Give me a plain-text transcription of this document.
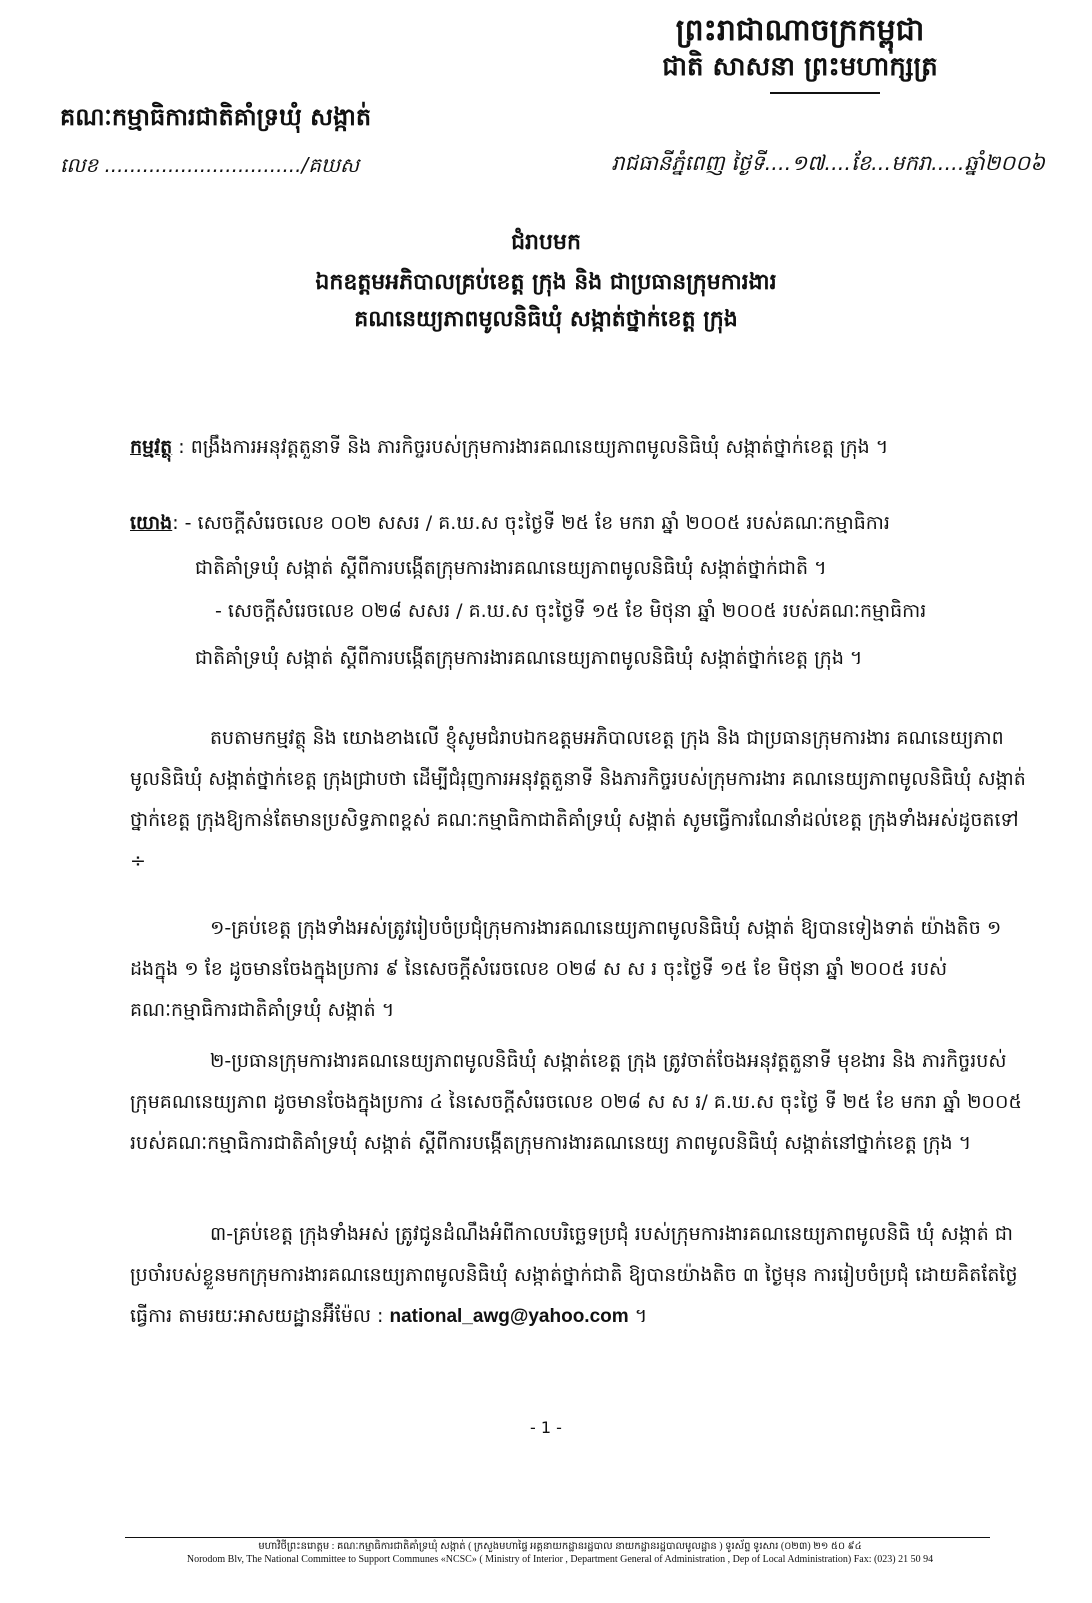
ព្រះរាជាណាចក្រកម្ពុជា
ជាតិ សាសនា ព្រះមហាក្សត្រ
គណៈកម្មាធិការជាតិគាំទ្រឃុំ សង្កាត់
លេខ .............................../គឃស	រាជធានីភ្នំពេញ ថ្ងៃទី....១៧....ខែ...មករា.....ឆ្នាំ២០០៦
ជំរាបមក
ឯកឧត្តមអភិបាលគ្រប់ខេត្ត ក្រុង និង ជាប្រធានក្រុមការងារ
គណនេយ្យភាពមូលនិធិឃុំ សង្កាត់ថ្នាក់ខេត្ត ក្រុង
កម្មវត្ថុ : ពង្រឹងការអនុវត្តតួនាទី និង ភារកិច្ចរបស់ក្រុមការងារគណនេយ្យភាពមូលនិធិឃុំ សង្កាត់ថ្នាក់ខេត្ត ក្រុង ។
យោង: - សេចក្តីសំរេចលេខ ០០២ សសរ / គ.ឃ.ស ចុះថ្ងៃទី ២៥ ខែ មករា ឆ្នាំ ២០០៥ របស់គណៈកម្មាធិការ
ជាតិគាំទ្រឃុំ សង្កាត់ ស្តីពីការបង្កើតក្រុមការងារគណនេយ្យភាពមូលនិធិឃុំ សង្កាត់ថ្នាក់ជាតិ ។
- សេចក្តីសំរេចលេខ ០២៨ សសរ / គ.ឃ.ស ចុះថ្ងៃទី ១៥ ខែ មិថុនា ឆ្នាំ ២០០៥ របស់គណៈកម្មាធិការ
ជាតិគាំទ្រឃុំ សង្កាត់ ស្តីពីការបង្កើតក្រុមការងារគណនេយ្យភាពមូលនិធិឃុំ សង្កាត់ថ្នាក់ខេត្ត ក្រុង ។
តបតាមកម្មវត្ថុ និង យោងខាងលើ ខ្ញុំសូមជំរាបឯកឧត្តមអភិបាលខេត្ត ក្រុង និង ជាប្រធានក្រុមការងារ គណនេយ្យភាពមូលនិធិឃុំ សង្កាត់ថ្នាក់ខេត្ត ក្រុងជ្រាបថា ដើម្បីជំរុញការអនុវត្តតួនាទី និងភារកិច្ចរបស់ក្រុមការងារ គណនេយ្យភាពមូលនិធិឃុំ សង្កាត់ថ្នាក់ខេត្ត ក្រុងឱ្យកាន់តែមានប្រសិទ្ធភាពខ្ពស់ គណៈកម្មាធិកាជាតិគាំទ្រឃុំ សង្កាត់ សូមធ្វើការណែនាំដល់ខេត្ត ក្រុងទាំងអស់ដូចតទៅ ÷
១-គ្រប់ខេត្ត ក្រុងទាំងអស់ត្រូវរៀបចំប្រជុំក្រុមការងារគណនេយ្យភាពមូលនិធិឃុំ សង្កាត់ ឱ្យបានទៀងទាត់ យ៉ាងតិច ១ ដងក្នុង ១ ខែ ដូចមានចែងក្នុងប្រការ ៩ នៃសេចក្តីសំរេចលេខ ០២៨ ស ស រ ចុះថ្ងៃទី ១៥ ខែ មិថុនា ឆ្នាំ ២០០៥ របស់គណៈកម្មាធិការជាតិគាំទ្រឃុំ សង្កាត់ ។
២-ប្រធានក្រុមការងារគណនេយ្យភាពមូលនិធិឃុំ សង្កាត់ខេត្ត ក្រុង ត្រូវចាត់ចែងអនុវត្តតួនាទី មុខងារ និង ភារកិច្ចរបស់ក្រុមគណនេយ្យភាព ដូចមានចែងក្នុងប្រការ ៤ នៃសេចក្តីសំរេចលេខ ០២៨ ស ស រ/ គ.ឃ.ស ចុះថ្ងៃ ទី ២៥ ខែ មករា ឆ្នាំ ២០០៥ របស់គណៈកម្មាធិការជាតិគាំទ្រឃុំ សង្កាត់ ស្តីពីការបង្កើតក្រុមការងារគណនេយ្យ ភាពមូលនិធិឃុំ សង្កាត់នៅថ្នាក់ខេត្ត ក្រុង ។
៣-គ្រប់ខេត្ត ក្រុងទាំងអស់ ត្រូវជូនដំណឹងអំពីកាលបរិច្ឆេទប្រជុំ របស់ក្រុមការងារគណនេយ្យភាពមូលនិធិ ឃុំ សង្កាត់ ជាប្រចាំរបស់ខ្លួនមកក្រុមការងារគណនេយ្យភាពមូលនិធិឃុំ សង្កាត់ថ្នាក់ជាតិ ឱ្យបានយ៉ាងតិច ៣ ថ្ងៃមុន ការរៀបចំប្រជុំ ដោយគិតតែថ្ងៃធ្វើការ តាមរយៈអាសយដ្ឋានអ៊ីម៉ែល : national_awg@yahoo.com ។
- 1 -
មហាវិថីព្រះនរោត្តម : គណៈកម្មាធិការជាតិគាំទ្រឃុំ សង្កាត់ ( ក្រសួងមហាផ្ទៃ អគ្គនាយកដ្ឋានរដ្ឋបាល នាយកដ្ឋានរដ្ឋបាលមូលដ្ឋាន ) ទូរស័ព្ទ ទូរសារ (០២៣) ២១ ៥០ ៩៤
Norodom Blv, The National Committee to Support Communes «NCSC» ( Ministry of Interior , Department General of Administration , Dep of Local Administration) Fax: (023) 21 50 94
